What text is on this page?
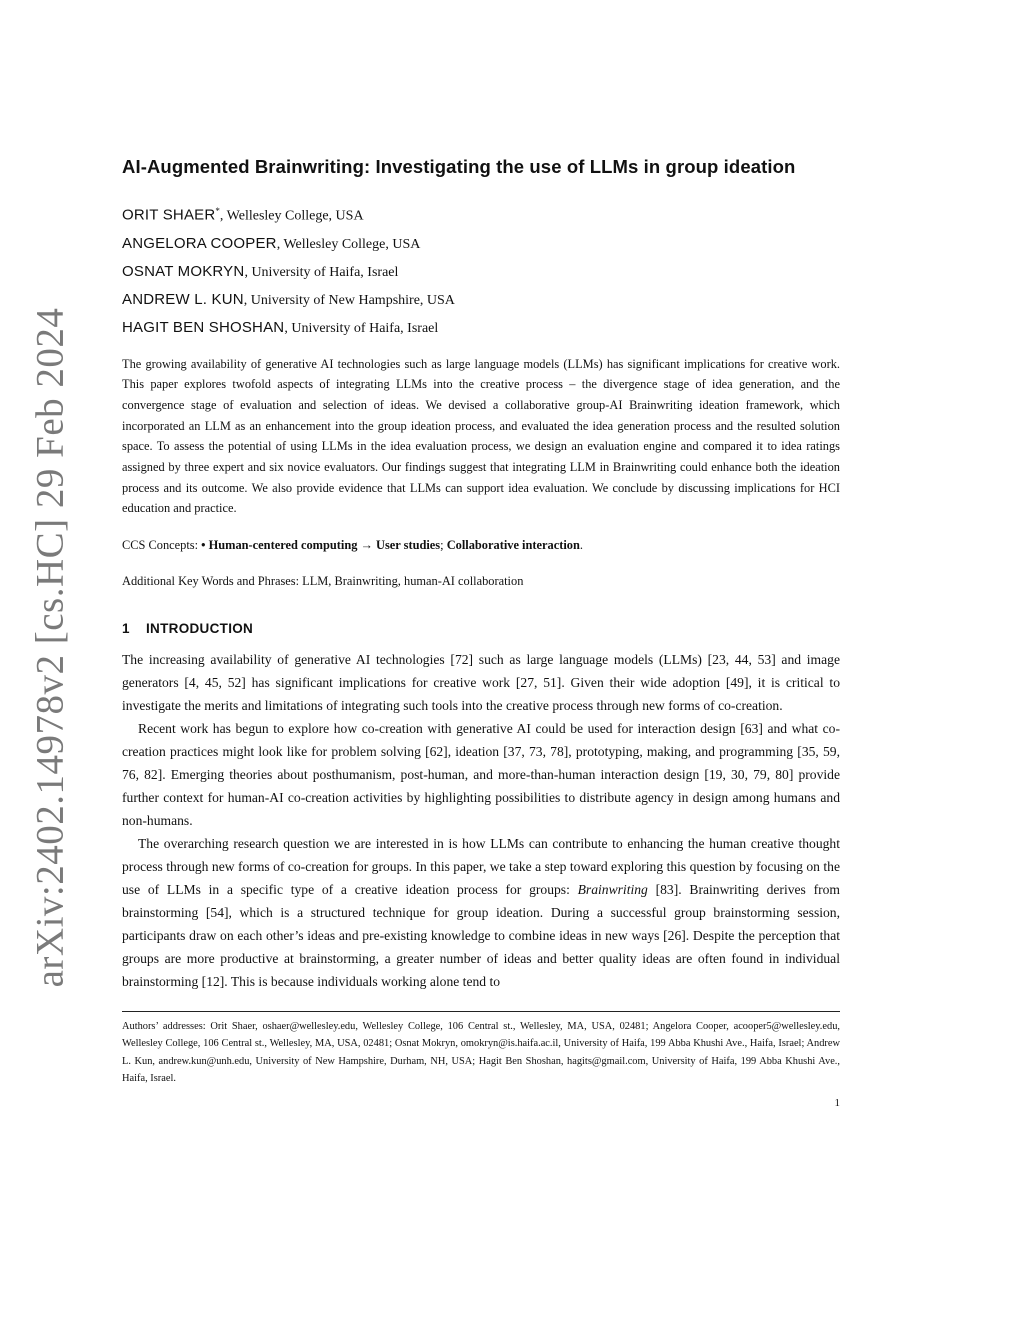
arXiv:2402.14978v2 [cs.HC] 29 Feb 2024
AI-Augmented Brainwriting: Investigating the use of LLMs in group ideation
ORIT SHAER*, Wellesley College, USA
ANGELORA COOPER, Wellesley College, USA
OSNAT MOKRYN, University of Haifa, Israel
ANDREW L. KUN, University of New Hampshire, USA
HAGIT BEN SHOSHAN, University of Haifa, Israel
The growing availability of generative AI technologies such as large language models (LLMs) has significant implications for creative work. This paper explores twofold aspects of integrating LLMs into the creative process – the divergence stage of idea generation, and the convergence stage of evaluation and selection of ideas. We devised a collaborative group-AI Brainwriting ideation framework, which incorporated an LLM as an enhancement into the group ideation process, and evaluated the idea generation process and the resulted solution space. To assess the potential of using LLMs in the idea evaluation process, we design an evaluation engine and compared it to idea ratings assigned by three expert and six novice evaluators. Our findings suggest that integrating LLM in Brainwriting could enhance both the ideation process and its outcome. We also provide evidence that LLMs can support idea evaluation. We conclude by discussing implications for HCI education and practice.
CCS Concepts: • Human-centered computing → User studies; Collaborative interaction.
Additional Key Words and Phrases: LLM, Brainwriting, human-AI collaboration
1 INTRODUCTION

The increasing availability of generative AI technologies [72] such as large language models (LLMs) [23, 44, 53] and image generators [4, 45, 52] has significant implications for creative work [27, 51]. Given their wide adoption [49], it is critical to investigate the merits and limitations of integrating such tools into the creative process through new forms of co-creation.

Recent work has begun to explore how co-creation with generative AI could be used for interaction design [63] and what co-creation practices might look like for problem solving [62], ideation [37, 73, 78], prototyping, making, and programming [35, 59, 76, 82]. Emerging theories about posthumanism, post-human, and more-than-human interaction design [19, 30, 79, 80] provide further context for human-AI co-creation activities by highlighting possibilities to distribute agency in design among humans and non-humans.

The overarching research question we are interested in is how LLMs can contribute to enhancing the human creative thought process through new forms of co-creation for groups. In this paper, we take a step toward exploring this question by focusing on the use of LLMs in a specific type of a creative ideation process for groups: Brainwriting [83]. Brainwriting derives from brainstorming [54], which is a structured technique for group ideation. During a successful group brainstorming session, participants draw on each other’s ideas and pre-existing knowledge to combine ideas in new ways [26]. Despite the perception that groups are more productive at brainstorming, a greater number of ideas and better quality ideas are often found in individual brainstorming [12]. This is because individuals working alone tend to

Authors’ addresses: Orit Shaer, oshaer@wellesley.edu, Wellesley College, 106 Central st., Wellesley, MA, USA, 02481; Angelora Cooper, acooper5@wellesley.edu, Wellesley College, 106 Central st., Wellesley, MA, USA, 02481; Osnat Mokryn, omokryn@is.haifa.ac.il, University of Haifa, 199 Abba Khushi Ave., Haifa, Israel; Andrew L. Kun, andrew.kun@unh.edu, University of New Hampshire, Durham, NH, USA; Hagit Ben Shoshan, hagits@gmail.com, University of Haifa, 199 Abba Khushi Ave., Haifa, Israel.
1
